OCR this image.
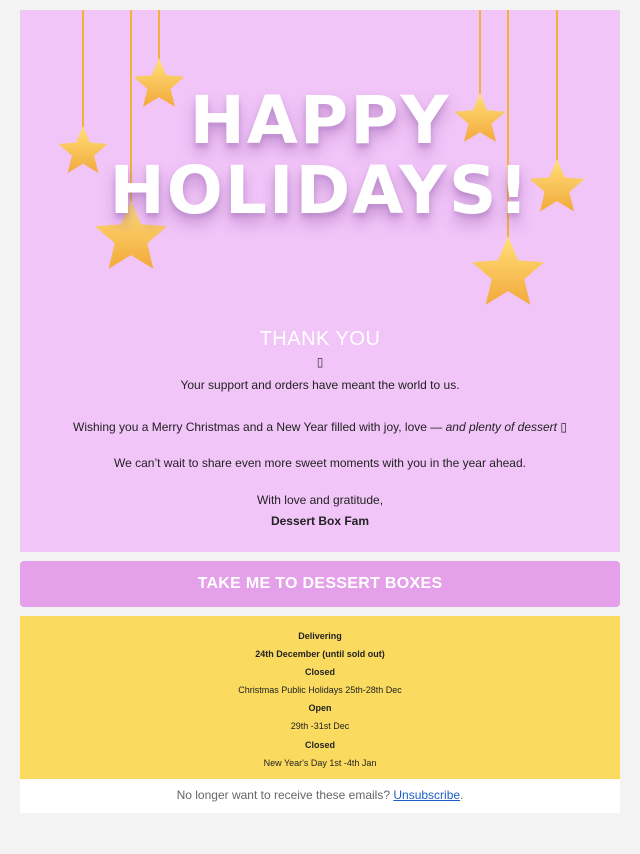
HAPPY
HOLIDAYS!
THANK YOU
▯
Your support and orders have meant the world to us.
Wishing you a Merry Christmas and a New Year filled with joy, love — and plenty of dessert ▯
We can’t wait to share even more sweet moments with you in the year ahead.
With love and gratitude,
Dessert Box Fam
TAKE ME TO DESSERT BOXES
Delivering
24th December (until sold out)
Closed
Christmas Public Holidays 25th-28th Dec
Open
29th -31st Dec
Closed
New Year's Day 1st -4th Jan
No longer want to receive these emails? Unsubscribe.
